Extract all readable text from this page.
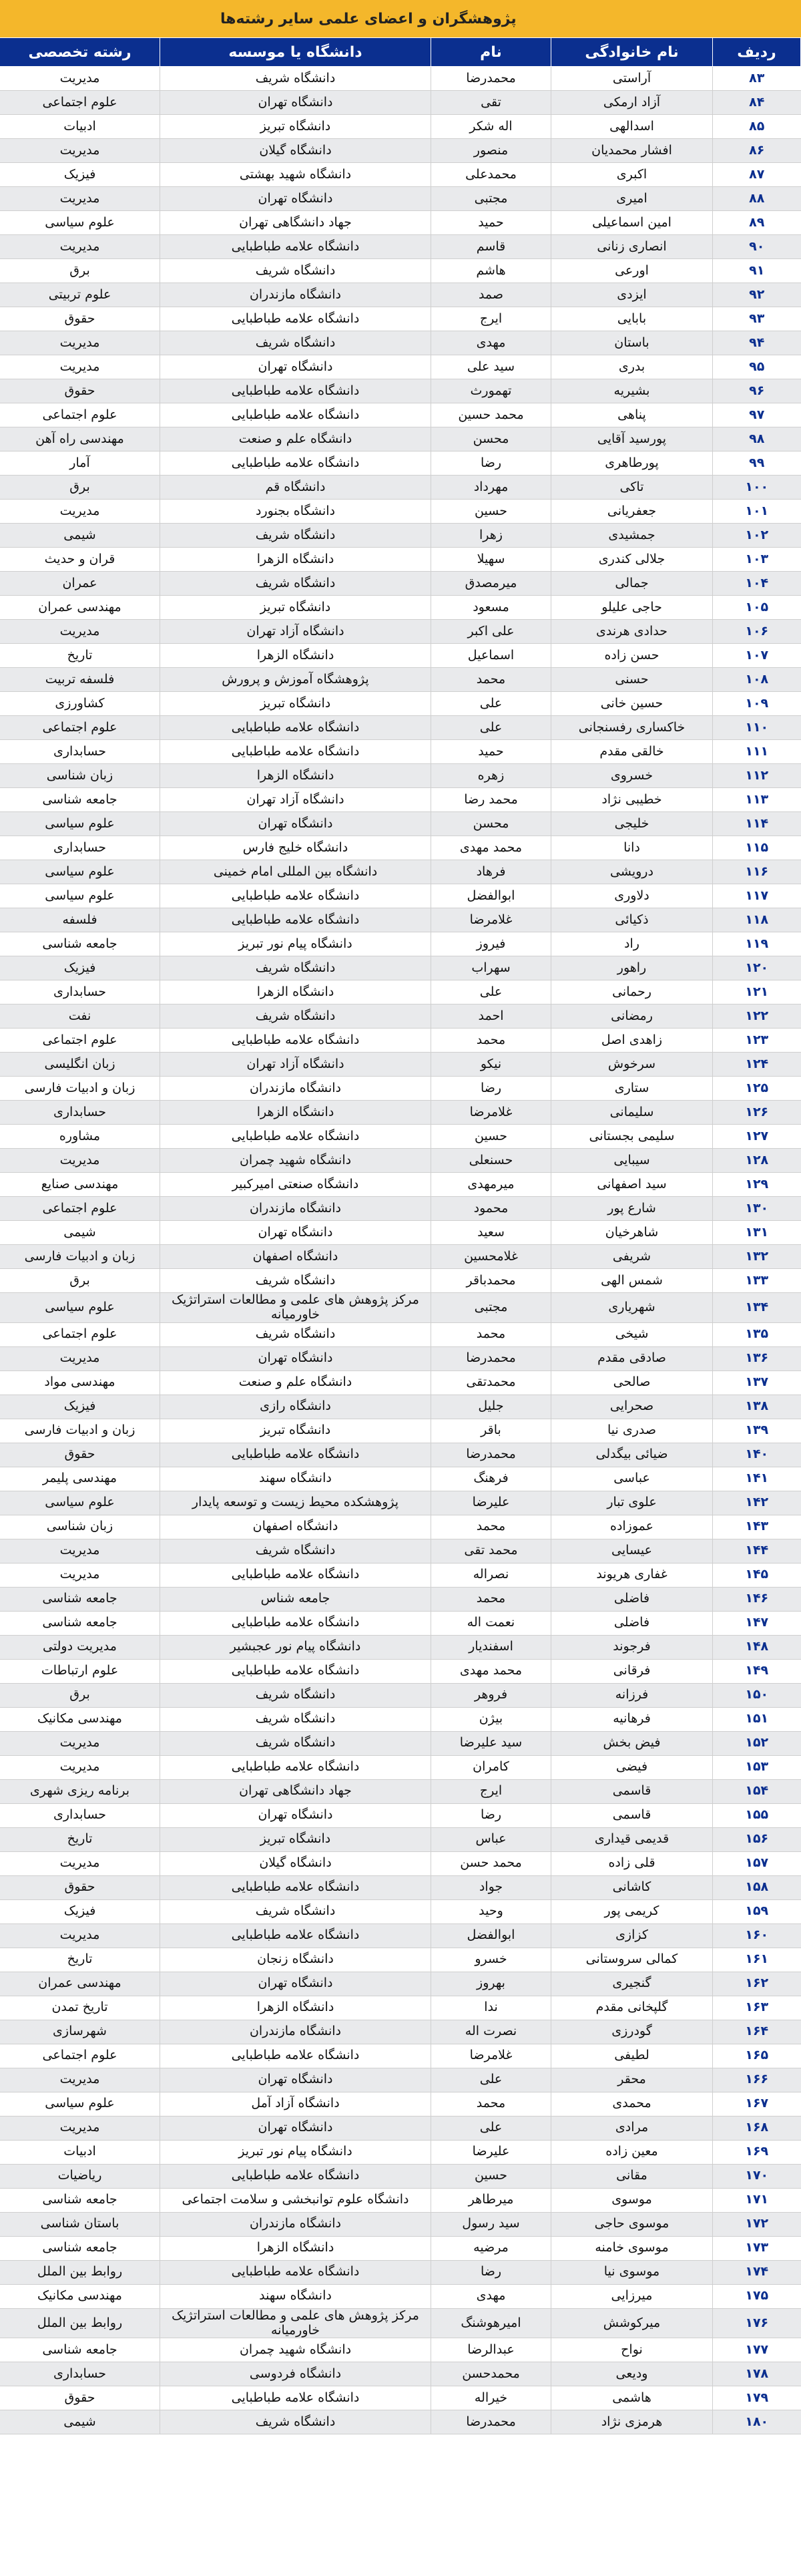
پژوهشگران و اعضای علمی سایر رشته‌ها
ردیف	نام خانوادگی	نام	دانشگاه یا موسسه	رشته تخصصی
۸۳	آراستی	محمدرضا	دانشگاه شریف	مدیریت
۸۴	آزاد ارمکی	تقی	دانشگاه تهران	علوم اجتماعی
۸۵	اسدالهی	اله شکر	دانشگاه تبریز	ادبیات
۸۶	افشار محمدیان	منصور	دانشگاه گیلان	مدیریت
۸۷	اکبری	محمدعلی	دانشگاه شهید بهشتی	فیزیک
۸۸	امیری	مجتبی	دانشگاه تهران	مدیریت
۸۹	امین اسماعیلی	حمید	جهاد دانشگاهی تهران	علوم سیاسی
۹۰	انصاری زنانی	قاسم	دانشگاه علامه طباطبایی	مدیریت
۹۱	اورعی	هاشم	دانشگاه شریف	برق
۹۲	ایزدی	صمد	دانشگاه مازندران	علوم تربیتی
۹۳	بابایی	ایرج	دانشگاه علامه طباطبایی	حقوق
۹۴	باستان	مهدی	دانشگاه شریف	مدیریت
۹۵	بدری	سید علی	دانشگاه تهران	مدیریت
۹۶	بشیریه	تهمورث	دانشگاه علامه طباطبایی	حقوق
۹۷	پناهی	محمد حسین	دانشگاه علامه طباطبایی	علوم اجتماعی
۹۸	پورسید آقایی	محسن	دانشگاه علم و صنعت	مهندسی راه آهن
۹۹	پورطاهری	رضا	دانشگاه علامه طباطبایی	آمار
۱۰۰	تاکی	مهرداد	دانشگاه قم	برق
۱۰۱	جعفریانی	حسین	دانشگاه بجنورد	مدیریت
۱۰۲	جمشیدی	زهرا	دانشگاه شریف	شیمی
۱۰۳	جلالی کندری	سهیلا	دانشگاه الزهرا	قران و حدیث
۱۰۴	جمالی	میرمصدق	دانشگاه شریف	عمران
۱۰۵	حاجی علیلو	مسعود	دانشگاه تبریز	مهندسی عمران
۱۰۶	حدادی هرندی	علی اکبر	دانشگاه آزاد تهران	مدیریت
۱۰۷	حسن زاده	اسماعیل	دانشگاه الزهرا	تاریخ
۱۰۸	حسنی	محمد	پژوهشگاه آموزش و پرورش	فلسفه تربیت
۱۰۹	حسین خانی	علی	دانشگاه تبریز	کشاورزی
۱۱۰	خاکساری رفسنجانی	علی	دانشگاه علامه طباطبایی	علوم اجتماعی
۱۱۱	خالقی مقدم	حمید	دانشگاه علامه طباطبایی	حسابداری
۱۱۲	خسروی	زهره	دانشگاه الزهرا	زبان شناسی
۱۱۳	خطیبی نژاد	محمد رضا	دانشگاه آزاد تهران	جامعه شناسی
۱۱۴	خلیجی	محسن	دانشگاه تهران	علوم سیاسی
۱۱۵	دانا	محمد مهدی	دانشگاه خلیج فارس	حسابداری
۱۱۶	درویشی	فرهاد	دانشگاه بین المللی امام خمینی	علوم سیاسی
۱۱۷	دلاوری	ابوالفضل	دانشگاه علامه طباطبایی	علوم سیاسی
۱۱۸	ذکیائی	غلامرضا	دانشگاه علامه طباطبایی	فلسفه
۱۱۹	راد	فیروز	دانشگاه پیام نور تبریز	جامعه شناسی
۱۲۰	راهور	سهراب	دانشگاه شریف	فیزیک
۱۲۱	رحمانی	علی	دانشگاه الزهرا	حسابداری
۱۲۲	رمضانی	احمد	دانشگاه شریف	نفت
۱۲۳	زاهدی اصل	محمد	دانشگاه علامه طباطبایی	علوم اجتماعی
۱۲۴	سرخوش	نیکو	دانشگاه آزاد تهران	زبان انگلیسی
۱۲۵	ستاری	رضا	دانشگاه مازندران	زبان و ادبیات فارسی
۱۲۶	سلیمانی	غلامرضا	دانشگاه الزهرا	حسابداری
۱۲۷	سلیمی بجستانی	حسین	دانشگاه علامه طباطبایی	مشاوره
۱۲۸	سیبایی	حسنعلی	دانشگاه شهید چمران	مدیریت
۱۲۹	سید اصفهانی	میرمهدی	دانشگاه صنعتی امیرکبیر	مهندسی صنایع
۱۳۰	شارع پور	محمود	دانشگاه مازندران	علوم اجتماعی
۱۳۱	شاهرخیان	سعید	دانشگاه تهران	شیمی
۱۳۲	شریفی	غلامحسین	دانشگاه اصفهان	زبان و ادبیات فارسی
۱۳۳	شمس الهی	محمدباقر	دانشگاه شریف	برق
۱۳۴	شهریاری	مجتبی	مرکز پژوهش های علمی و مطالعات استراتژیک خاورمیانه	علوم سیاسی
۱۳۵	شیخی	محمد	دانشگاه شریف	علوم اجتماعی
۱۳۶	صادقی مقدم	محمدرضا	دانشگاه تهران	مدیریت
۱۳۷	صالحی	محمدتقی	دانشگاه علم و صنعت	مهندسی مواد
۱۳۸	صحرایی	جلیل	دانشگاه رازی	فیزیک
۱۳۹	صدری نیا	باقر	دانشگاه تبریز	زبان و ادبیات فارسی
۱۴۰	ضیائی بیگدلی	محمدرضا	دانشگاه علامه طباطبایی	حقوق
۱۴۱	عباسی	فرهنگ	دانشگاه سهند	مهندسی پلیمر
۱۴۲	علوی تبار	علیرضا	پژوهشکده محیط زیست و توسعه پایدار	علوم سیاسی
۱۴۳	عموزاده	محمد	دانشگاه اصفهان	زبان شناسی
۱۴۴	عیسایی	محمد تقی	دانشگاه شریف	مدیریت
۱۴۵	غفاری هریوند	نصراله	دانشگاه علامه طباطبایی	مدیریت
۱۴۶	فاضلی	محمد	جامعه شناس	جامعه شناسی
۱۴۷	فاضلی	نعمت اله	دانشگاه علامه طباطبایی	جامعه شناسی
۱۴۸	فرجوند	اسفندیار	دانشگاه پیام نور عجبشیر	مدیریت دولتی
۱۴۹	فرقانی	محمد مهدی	دانشگاه علامه طباطبایی	علوم ارتباطات
۱۵۰	فرزانه	فروهر	دانشگاه شریف	برق
۱۵۱	فرهانیه	بیژن	دانشگاه شریف	مهندسی مکانیک
۱۵۲	فیض بخش	سید علیرضا	دانشگاه شریف	مدیریت
۱۵۳	فیضی	کامران	دانشگاه علامه طباطبایی	مدیریت
۱۵۴	قاسمی	ایرج	جهاد دانشگاهی تهران	برنامه ریزی شهری
۱۵۵	قاسمی	رضا	دانشگاه تهران	حسابداری
۱۵۶	قدیمی قیداری	عباس	دانشگاه تبریز	تاریخ
۱۵۷	قلی زاده	محمد حسن	دانشگاه گیلان	مدیریت
۱۵۸	کاشانی	جواد	دانشگاه علامه طباطبایی	حقوق
۱۵۹	کریمی پور	وحید	دانشگاه شریف	فیزیک
۱۶۰	کزازی	ابوالفضل	دانشگاه علامه طباطبایی	مدیریت
۱۶۱	کمالی سروستانی	خسرو	دانشگاه زنجان	تاریخ
۱۶۲	گنجیری	بهروز	دانشگاه تهران	مهندسی عمران
۱۶۳	گلپخانی مقدم	ندا	دانشگاه الزهرا	تاریخ تمدن
۱۶۴	گودرزی	نصرت اله	دانشگاه مازندران	شهرسازی
۱۶۵	لطیفی	غلامرضا	دانشگاه علامه طباطبایی	علوم اجتماعی
۱۶۶	محقر	علی	دانشگاه تهران	مدیریت
۱۶۷	محمدی	محمد	دانشگاه آزاد آمل	علوم سیاسی
۱۶۸	مرادی	علی	دانشگاه تهران	مدیریت
۱۶۹	معین زاده	علیرضا	دانشگاه پیام نور تبریز	ادبیات
۱۷۰	مقانی	حسین	دانشگاه علامه طباطبایی	ریاضیات
۱۷۱	موسوی	میرطاهر	دانشگاه علوم توانبخشی و سلامت اجتماعی	جامعه شناسی
۱۷۲	موسوی حاجی	سید رسول	دانشگاه مازندران	باستان شناسی
۱۷۳	موسوی خامنه	مرضیه	دانشگاه الزهرا	جامعه شناسی
۱۷۴	موسوی نیا	رضا	دانشگاه علامه طباطبایی	روابط بین الملل
۱۷۵	میرزایی	مهدی	دانشگاه سهند	مهندسی مکانیک
۱۷۶	میرکوشش	امیرهوشنگ	مرکز پژوهش های علمی و مطالعات استراتژیک خاورمیانه	روابط بین الملل
۱۷۷	نواح	عبدالرضا	دانشگاه شهید چمران	جامعه شناسی
۱۷۸	ودیعی	محمدحسن	دانشگاه فردوسی	حسابداری
۱۷۹	هاشمی	خیراله	دانشگاه علامه طباطبایی	حقوق
۱۸۰	هرمزی نژاد	محمدرضا	دانشگاه شریف	شیمی
